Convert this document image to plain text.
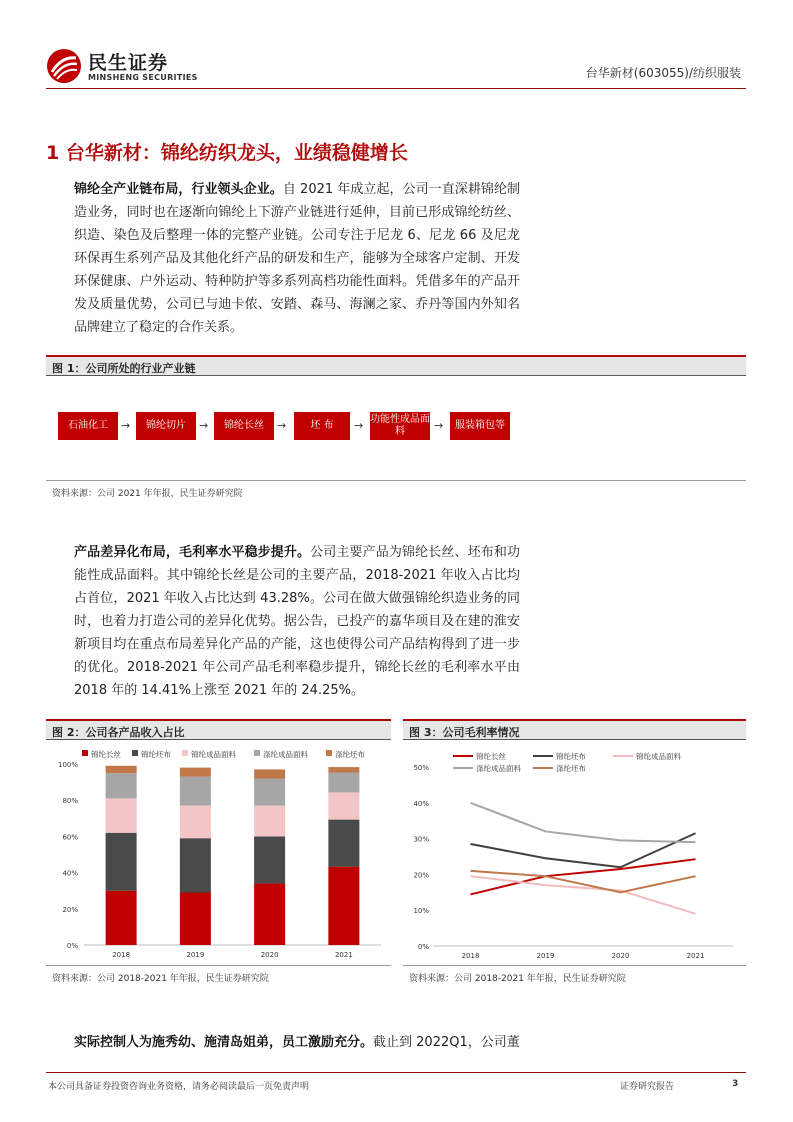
民生证券
MINSHENG SECURITIES	台华新材(603055)/纺织服装
1 台华新材：锦纶纺织龙头，业绩稳健增长
锦纶全产业链布局，行业领头企业。自 2021 年成立起，公司一直深耕锦纶制造业务，同时也在逐渐向锦纶上下游产业链进行延伸，目前已形成锦纶纺丝、织造、染色及后整理一体的完整产业链。公司专注于尼龙 6、尼龙 66 及尼龙环保再生系列产品及其他化纤产品的研发和生产，能够为全球客户定制、开发环保健康、户外运动、特种防护等多系列高档功能性面料。凭借多年的产品开发及质量优势，公司已与迪卡侬、安踏、森马、海澜之家、乔丹等国内外知名品牌建立了稳定的合作关系。
图 1：公司所处的行业产业链
石油化工	→	锦纶切片	→	锦纶长丝	→	坯 布	→ 功能性成品面料	→	服装箱包等
资料来源：公司 2021 年年报，民生证券研究院
产品差异化布局，毛利率水平稳步提升。公司主要产品为锦纶长丝、坯布和功能性成品面料。其中锦纶长丝是公司的主要产品，2018-2021 年收入占比均占首位，2021 年收入占比达到 43.28%。公司在做大做强锦纶织造业务的同时，也着力打造公司的差异化优势。据公告，已投产的嘉华项目及在建的淮安新项目均在重点布局差异化产品的产能，这也使得公司产品结构得到了进一步的优化。2018-2021 年公司产品毛利率稳步提升，锦纶长丝的毛利率水平由 2018 年的 14.41%上涨至 2021 年的 24.25%。
图 2：公司各产品收入占比
锦纶长丝	锦纶坯布	锦纶成品面料	涤纶成品面料	涤纶坯布
0%
20%
40%
60%
80%
100%
2018	2019	2020	2021
资料来源：公司 2018-2021 年年报，民生证券研究院
图 3：公司毛利率情况
锦纶长丝	锦纶坯布	锦纶成品面料
涤纶成品面料	涤纶坯布
0%
10%
20%
30%
40%
50%
2018	2019	2020	2021
资料来源：公司 2018-2021 年年报，民生证券研究院
实际控制人为施秀幼、施清岛姐弟，员工激励充分。截止到 2022Q1，公司董
本公司具备证券投资咨询业务资格，请务必阅读最后一页免责声明	证券研究报告	3
